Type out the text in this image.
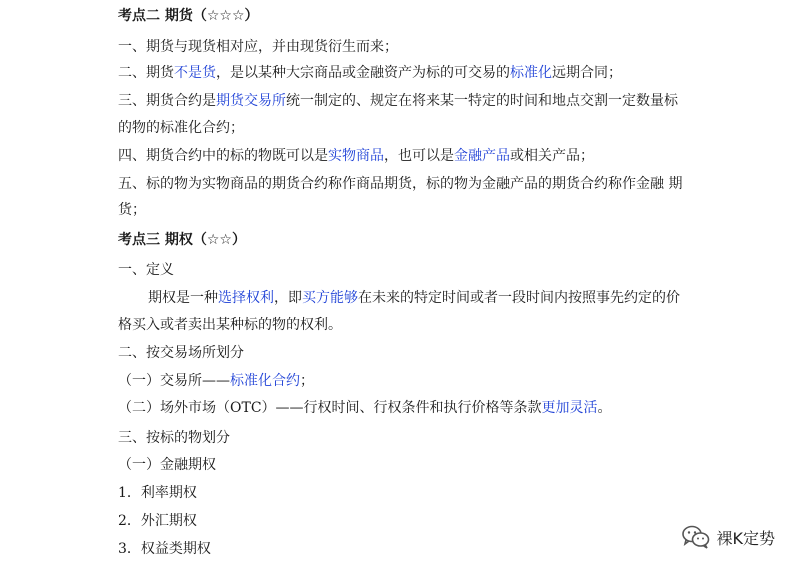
考点二 期货（☆☆☆）
一、期货与现货相对应，并由现货衍生而来；
二、期货不是货，是以某种大宗商品或金融资产为标的可交易的标准化远期合同；
三、期货合约是期货交易所统一制定的、规定在将来某一特定的时间和地点交割一定数量标
的物的标准化合约；
四、期货合约中的标的物既可以是实物商品，也可以是金融产品或相关产品；
五、标的物为实物商品的期货合约称作商品期货，标的物为金融产品的期货合约称作金融 期
货；
考点三 期权（☆☆）
一、定义
期权是一种选择权利，即买方能够在未来的特定时间或者一段时间内按照事先约定的价
格买入或者卖出某种标的物的权利。
二、按交易场所划分
（一）交易所——标准化合约；
（二）场外市场（OTC）——行权时间、行权条件和执行价格等条款更加灵活。
三、按标的物划分
（一）金融期权
1．利率期权
2．外汇期权
3．权益类期权
裸K定势
